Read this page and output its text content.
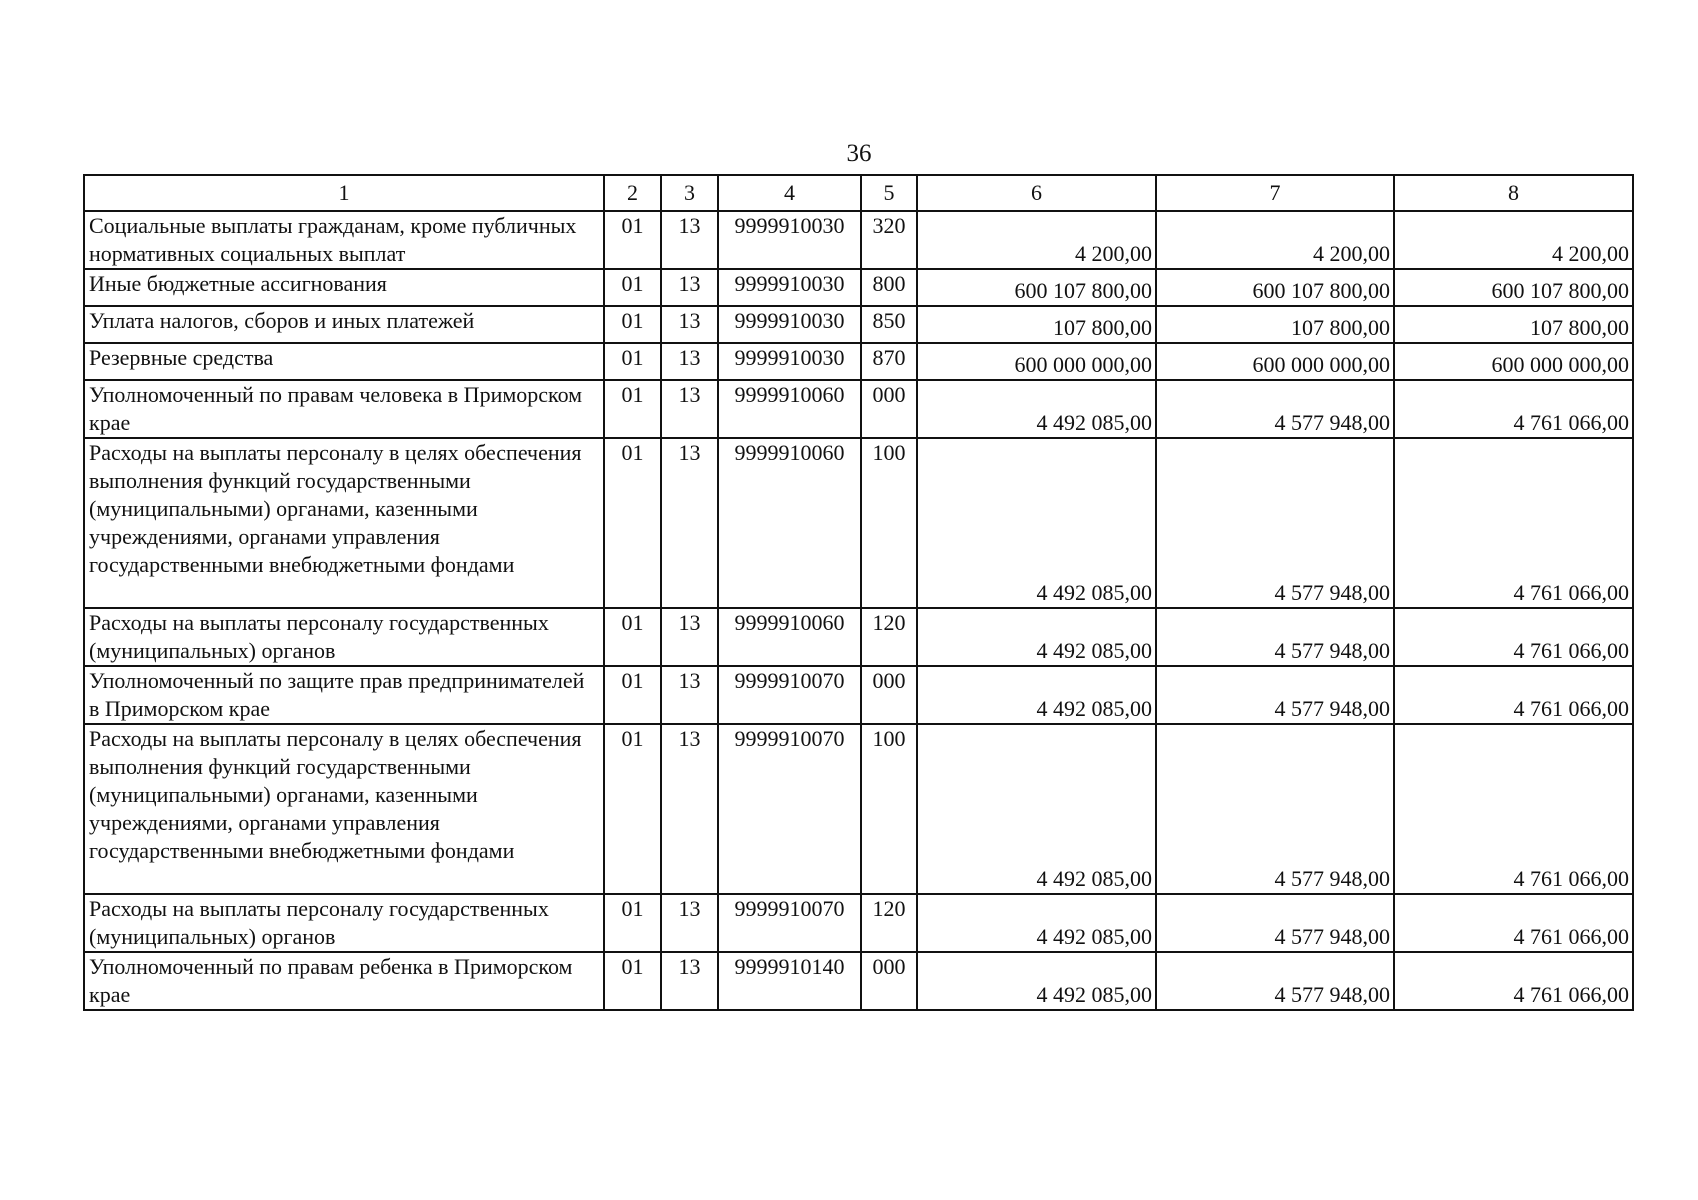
36
1	2	3	4	5	6	7	8
Социальные выплаты гражданам, кроме публичных нормативных социальных выплат	01	13	9999910030	320	4 200,00	4 200,00	4 200,00
Иные бюджетные ассигнования	01	13	9999910030	800	600 107 800,00	600 107 800,00	600 107 800,00
Уплата налогов, сборов и иных платежей	01	13	9999910030	850	107 800,00	107 800,00	107 800,00
Резервные средства	01	13	9999910030	870	600 000 000,00	600 000 000,00	600 000 000,00
Уполномоченный по правам человека в Приморском крае	01	13	9999910060	000	4 492 085,00	4 577 948,00	4 761 066,00
Расходы на выплаты персоналу в целях обеспечения выполнения функций государственными (муниципальными) органами, казенными учреждениями, органами управления государственными внебюджетными фондами	01	13	9999910060	100	4 492 085,00	4 577 948,00	4 761 066,00
Расходы на выплаты персоналу государственных (муниципальных) органов	01	13	9999910060	120	4 492 085,00	4 577 948,00	4 761 066,00
Уполномоченный по защите прав предпринимателей в Приморском крае	01	13	9999910070	000	4 492 085,00	4 577 948,00	4 761 066,00
Расходы на выплаты персоналу в целях обеспечения выполнения функций государственными (муниципальными) органами, казенными учреждениями, органами управления государственными внебюджетными фондами	01	13	9999910070	100	4 492 085,00	4 577 948,00	4 761 066,00
Расходы на выплаты персоналу государственных (муниципальных) органов	01	13	9999910070	120	4 492 085,00	4 577 948,00	4 761 066,00
Уполномоченный по правам ребенка в Приморском крае	01	13	9999910140	000	4 492 085,00	4 577 948,00	4 761 066,00
